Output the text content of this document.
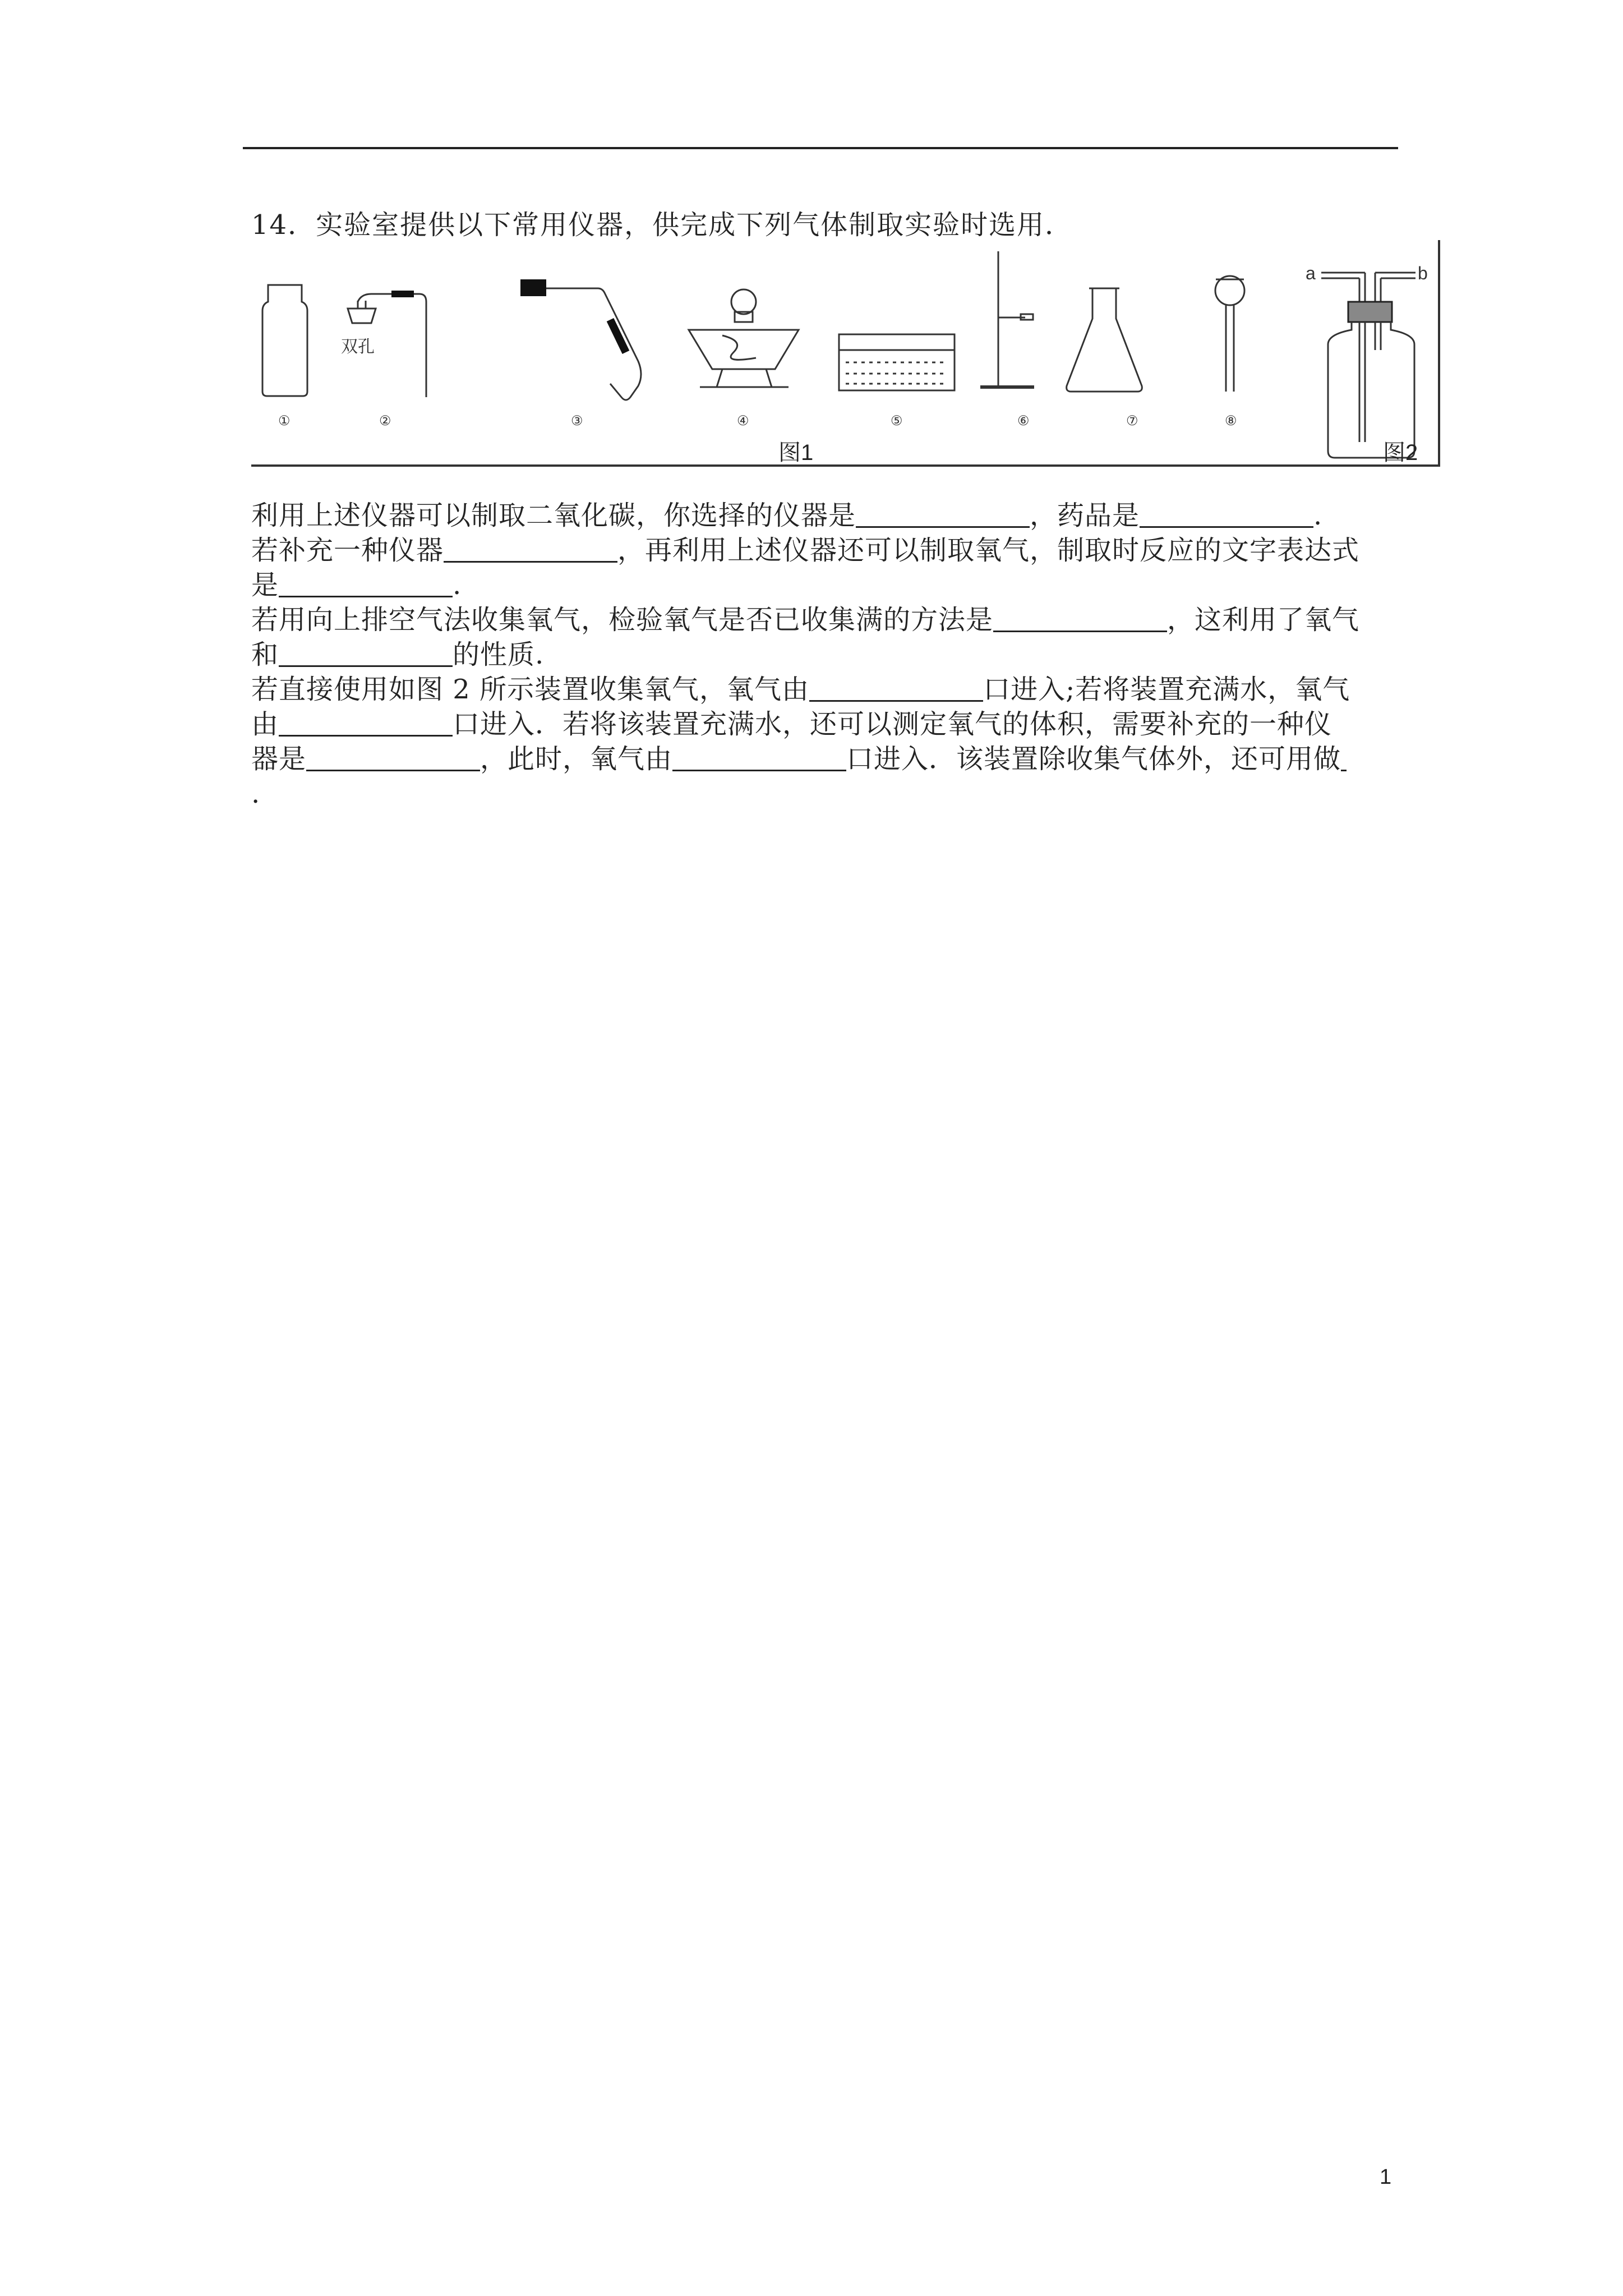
14．实验室提供以下常用仪器，供完成下列气体制取实验时选用．
双孔
①	②	③	④	⑤	⑥	⑦	⑧
a	b
图1	图2
利用上述仪器可以制取二氧化碳，你选择的仪器是	，药品是	.
若补充一种仪器	，再利用上述仪器还可以制取氧气，制取时反应的文字表达式
是	.
若用向上排空气法收集氧气，检验氧气是否已收集满的方法是	，这利用了氧气
和	的性质.
若直接使用如图 2 所示装置收集氧气，氧气由	口进入;若将装置充满水，氧气
由	口进入．若将该装置充满水，还可以测定氧气的体积，需要补充的一种仪
器是	，此时，氧气由	口进入．该装置除收集气体外，还可用做
.
1
